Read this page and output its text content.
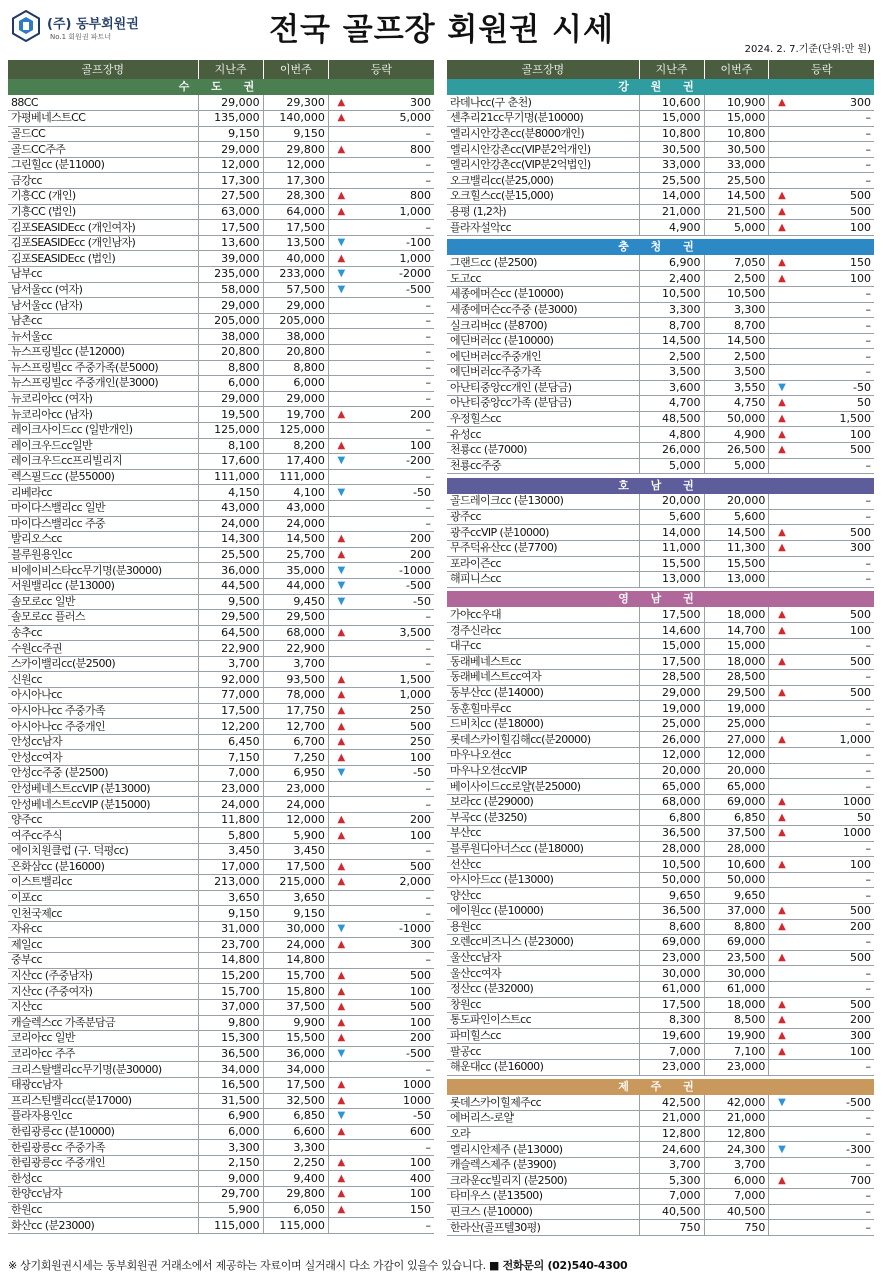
(주) 동부회원권
No.1 회원권 파트너	전국 골프장 회원권 시세
2024. 2. 7.기준(단위:만 원)
골프장명	지난주	이번주	등락	
수 도 권				
88CC	29,000	29,300	▲	300
가평베네스트CC	135,000	140,000	▲	5,000
골드CC	9,150	9,150		–
골드CC주주	29,000	29,800	▲	800
그린힐cc (분11000)	12,000	12,000		–
금강cc	17,300	17,300		–
기흥CC (개인)	27,500	28,300	▲	800
기흥CC (법인)	63,000	64,000	▲	1,000
김포SEASIDEcc (개인여자)	17,500	17,500		–
김포SEASIDEcc (개인남자)	13,600	13,500	▼	-100
김포SEASIDEcc (법인)	39,000	40,000	▲	1,000
남부cc	235,000	233,000	▼	-2000
남서울cc (여자)	58,000	57,500	▼	-500
남서울cc (남자)	29,000	29,000		–
남촌cc	205,000	205,000		–
뉴서울cc	38,000	38,000		–
뉴스프링빌cc (분12000)	20,800	20,800		–
뉴스프링빌cc 주중가족(분5000)	8,800	8,800		–
뉴스프링빌cc 주중개인(분3000)	6,000	6,000		–
뉴코리아cc (여자)	29,000	29,000		–
뉴코리아cc (남자)	19,500	19,700	▲	200
레이크사이드cc (일반개인)	125,000	125,000		–
레이크우드cc일반	8,100	8,200	▲	100
레이크우드cc프리빌리지	17,600	17,400	▼	-200
렉스필드cc (분55000)	111,000	111,000		–
리베라cc	4,150	4,100	▼	-50
마이다스밸리cc 일반	43,000	43,000		–
마이다스밸리cc 주중	24,000	24,000		–
발리오스cc	14,300	14,500	▲	200
블루원용인cc	25,500	25,700	▲	200
비에이비스타cc무기명(분30000)	36,000	35,000	▼	-1000
서원밸리cc (분13000)	44,500	44,000	▼	-500
솔모로cc 일반	9,500	9,450	▼	-50
솔모로cc 플러스	29,500	29,500		–
송추cc	64,500	68,000	▲	3,500
수원cc주권	22,900	22,900		–
스카이밸리cc(분2500)	3,700	3,700		–
신원cc	92,000	93,500	▲	1,500
아시아나cc	77,000	78,000	▲	1,000
아시아나cc 주중가족	17,500	17,750	▲	250
아시아나cc 주중개인	12,200	12,700	▲	500
안성cc남자	6,450	6,700	▲	250
안성cc여자	7,150	7,250	▲	100
안성cc주중 (분2500)	7,000	6,950	▼	-50
안성베네스트ccVIP (분13000)	23,000	23,000		–
안성베네스트ccVIP (분15000)	24,000	24,000		–
양주cc	11,800	12,000	▲	200
여주cc주식	5,800	5,900	▲	100
에이치원클럽 (구. 덕평cc)	3,450	3,450		–
은화삼cc (분16000)	17,000	17,500	▲	500
이스트밸리cc	213,000	215,000	▲	2,000
이포cc	3,650	3,650		–
인천국제cc	9,150	9,150		–
자유cc	31,000	30,000	▼	-1000
제일cc	23,700	24,000	▲	300
중부cc	14,800	14,800		–
지산cc (주중남자)	15,200	15,700	▲	500
지산cc (주중여자)	15,700	15,800	▲	100
지산cc	37,000	37,500	▲	500
캐슬렉스cc 가족분담금	9,800	9,900	▲	100
코리아cc 일반	15,300	15,500	▲	200
코리아cc 주주	36,500	36,000	▼	-500
크리스탈밸리cc무기명(분30000)	34,000	34,000		–
태광cc남자	16,500	17,500	▲	1000
프리스틴밸리cc(분17000)	31,500	32,500	▲	1000
플라자용인cc	6,900	6,850	▼	-50
한림광릉cc (분10000)	6,000	6,600	▲	600
한림광릉cc 주중가족	3,300	3,300		–
한림광릉cc 주중개인	2,150	2,250	▲	100
한성cc	9,000	9,400	▲	400
한양cc남자	29,700	29,800	▲	100
한원cc	5,900	6,050	▲	150
화산cc (분23000)	115,000	115,000		–
골프장명	지난주	이번주	등락	
강 원 권				
라데나cc(구 춘천)	10,600	10,900	▲	300
센추리21cc무기명(분10000)	15,000	15,000		–
엘리시안강촌cc(분8000개인)	10,800	10,800		–
엘리시안강촌cc(VIP분2억개인)	30,500	30,500		–
엘리시안강촌cc(VIP분2억법인)	33,000	33,000		–
오크밸리cc(분25,000)	25,500	25,500		–
오크힐스cc(분15,000)	14,000	14,500	▲	500
용평 (1,2차)	21,000	21,500	▲	500
플라자설악cc	4,900	5,000	▲	100

충 청 권				
그랜드cc (분2500)	6,900	7,050	▲	150
도고cc	2,400	2,500	▲	100
세종에머슨cc (분10000)	10,500	10,500		–
세종에머슨cc주중 (분3000)	3,300	3,300		–
실크리버cc (분8700)	8,700	8,700		–
에딘버러cc (분10000)	14,500	14,500		–
에딘버러cc주중개인	2,500	2,500		–
에딘버러cc주중가족	3,500	3,500		–
아난티중앙cc개인 (분담금)	3,600	3,550	▼	-50
아난티중앙cc가족 (분담금)	4,700	4,750	▲	50
우정힐스cc	48,500	50,000	▲	1,500
유성cc	4,800	4,900	▲	100
천룡cc (분7000)	26,000	26,500	▲	500
천룡cc주중	5,000	5,000		–

호 남 권				
골드레이크cc (분13000)	20,000	20,000		–
광주cc	5,600	5,600		–
광주ccVIP (분10000)	14,000	14,500	▲	500
무주덕유산cc (분7700)	11,000	11,300	▲	300
포라이즌cc	15,500	15,500		–
해피니스cc	13,000	13,000		–

영 남 권				
가야cc우대	17,500	18,000	▲	500
경주신라cc	14,600	14,700	▲	100
대구cc	15,000	15,000		–
동래베네스트cc	17,500	18,000	▲	500
동래베네스트cc여자	28,500	28,500		–
동부산cc (분14000)	29,000	29,500	▲	500
동훈힐마루cc	19,000	19,000		–
드비치cc (분18000)	25,000	25,000		–
롯데스카이힐김해cc(분20000)	26,000	27,000	▲	1,000
마우나오션cc	12,000	12,000		–
마우나오션ccVIP	20,000	20,000		–
베이사이드cc로얄(분25000)	65,000	65,000		–
보라cc (분29000)	68,000	69,000	▲	1000
부곡cc (분3250)	6,800	6,850	▲	50
부산cc	36,500	37,500	▲	1000
블루원디아너스cc (분18000)	28,000	28,000		–
선산cc	10,500	10,600	▲	100
아시아드cc (분13000)	50,000	50,000		–
양산cc	9,650	9,650		–
에이원cc (분10000)	36,500	37,000	▲	500
용원cc	8,600	8,800	▲	200
오렌cc비즈니스 (분23000)	69,000	69,000		–
울산cc남자	23,000	23,500	▲	500
울산cc여자	30,000	30,000		–
정산cc (분32000)	61,000	61,000		–
창원cc	17,500	18,000	▲	500
통도파인이스트cc	8,300	8,500	▲	200
파미힐스cc	19,600	19,900	▲	300
팔공cc	7,000	7,100	▲	100
해운대cc (분16000)	23,000	23,000		–

제 주 권				
롯데스카이힐제주cc	42,500	42,000	▼	-500
에버리스-로얄	21,000	21,000		–
오라	12,800	12,800		–
엘리시안제주 (분13000)	24,600	24,300	▼	-300
캐슬렉스제주 (분3900)	3,700	3,700		–
크라운cc빌리지 (분2500)	5,300	6,000	▲	700
타미우스 (분13500)	7,000	7,000		–
핀크스 (분10000)	40,500	40,500		–
한라산(골프텔30평)	750	750		–
※ 상기회원권시세는 동부회원권 거래소에서 제공하는 자료이며 실거래시 다소 가감이 있을수 있습니다. ■ 전화문의 (02)540-4300
